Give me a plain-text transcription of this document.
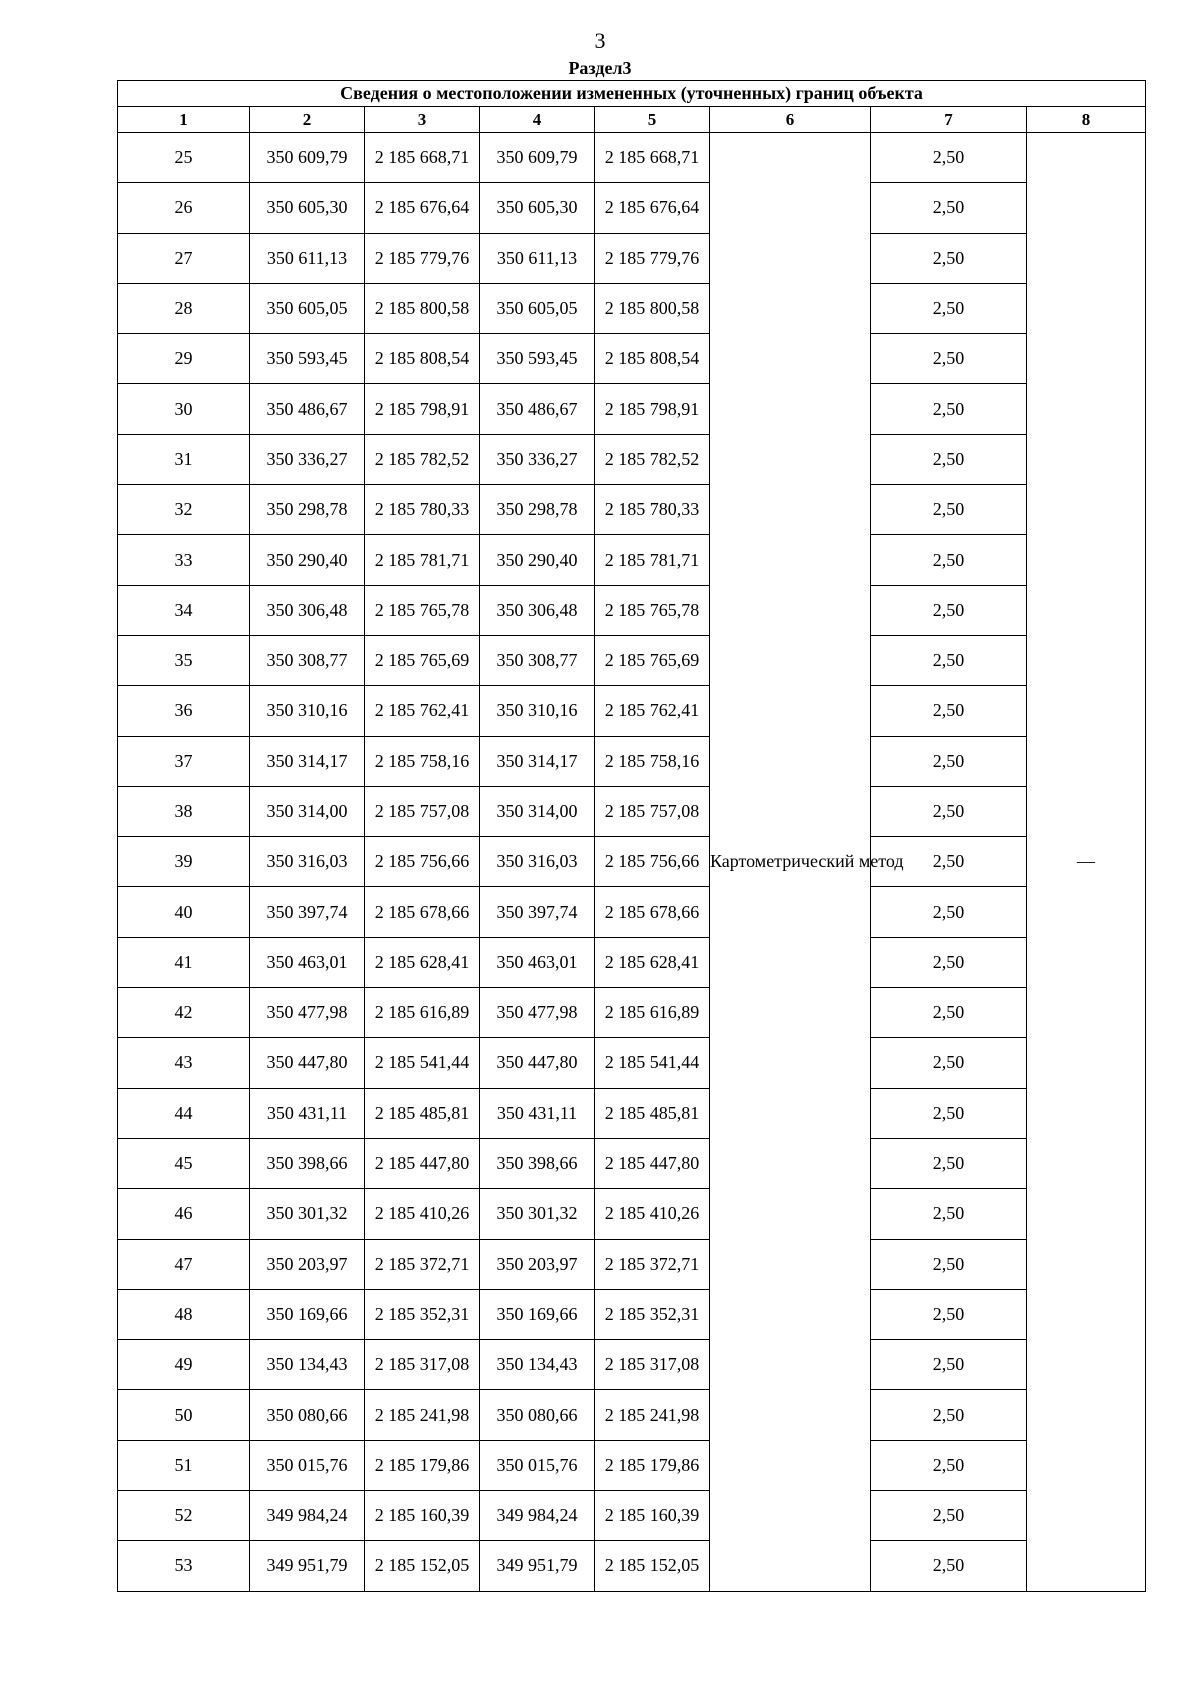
3
Раздел3
Сведения о местоположении измененных (уточненных) границ объекта							
1	2	3	4	5	6	7	8
25	350 609,79	2 185 668,71	350 609,79	2 185 668,71	Картометрический метод	2,50	—
26	350 605,30	2 185 676,64	350 605,30	2 185 676,64		2,50	
27	350 611,13	2 185 779,76	350 611,13	2 185 779,76		2,50	
28	350 605,05	2 185 800,58	350 605,05	2 185 800,58		2,50	
29	350 593,45	2 185 808,54	350 593,45	2 185 808,54		2,50	
30	350 486,67	2 185 798,91	350 486,67	2 185 798,91		2,50	
31	350 336,27	2 185 782,52	350 336,27	2 185 782,52		2,50	
32	350 298,78	2 185 780,33	350 298,78	2 185 780,33		2,50	
33	350 290,40	2 185 781,71	350 290,40	2 185 781,71		2,50	
34	350 306,48	2 185 765,78	350 306,48	2 185 765,78		2,50	
35	350 308,77	2 185 765,69	350 308,77	2 185 765,69		2,50	
36	350 310,16	2 185 762,41	350 310,16	2 185 762,41		2,50	
37	350 314,17	2 185 758,16	350 314,17	2 185 758,16		2,50	
38	350 314,00	2 185 757,08	350 314,00	2 185 757,08		2,50	
39	350 316,03	2 185 756,66	350 316,03	2 185 756,66		2,50	
40	350 397,74	2 185 678,66	350 397,74	2 185 678,66		2,50	
41	350 463,01	2 185 628,41	350 463,01	2 185 628,41		2,50	
42	350 477,98	2 185 616,89	350 477,98	2 185 616,89		2,50	
43	350 447,80	2 185 541,44	350 447,80	2 185 541,44		2,50	
44	350 431,11	2 185 485,81	350 431,11	2 185 485,81		2,50	
45	350 398,66	2 185 447,80	350 398,66	2 185 447,80		2,50	
46	350 301,32	2 185 410,26	350 301,32	2 185 410,26		2,50	
47	350 203,97	2 185 372,71	350 203,97	2 185 372,71		2,50	
48	350 169,66	2 185 352,31	350 169,66	2 185 352,31		2,50	
49	350 134,43	2 185 317,08	350 134,43	2 185 317,08		2,50	
50	350 080,66	2 185 241,98	350 080,66	2 185 241,98		2,50	
51	350 015,76	2 185 179,86	350 015,76	2 185 179,86		2,50	
52	349 984,24	2 185 160,39	349 984,24	2 185 160,39		2,50	
53	349 951,79	2 185 152,05	349 951,79	2 185 152,05		2,50	
